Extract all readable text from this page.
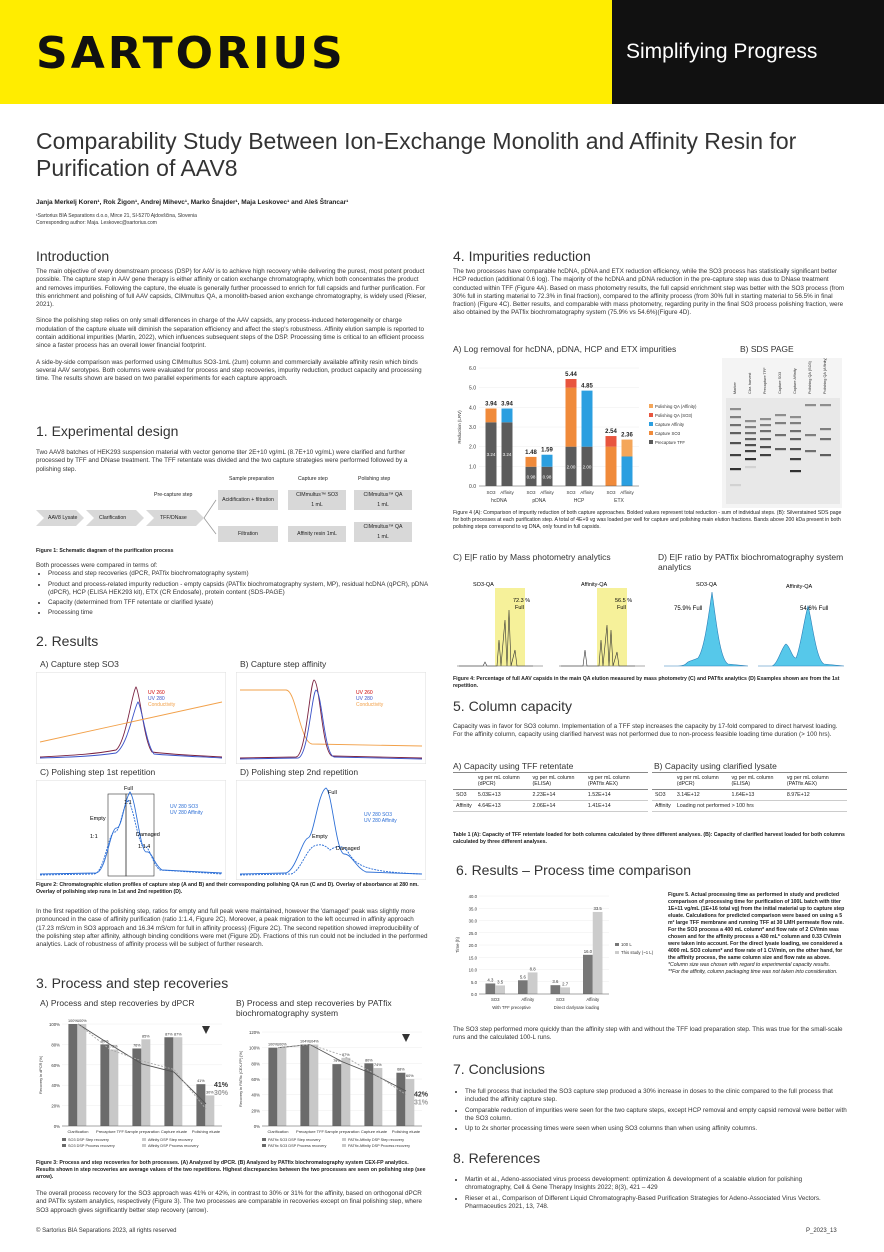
SARTORIUS	Simplifying Progress
Comparability Study Between Ion-Exchange Monolith and Affinity Resin for Purification of AAV8
Janja Merkelj Koren¹, Rok Žigon¹, Andrej Mihevc¹, Marko Šnajder¹, Maja Leskovec¹ and Aleš Štrancar¹
¹Sartorius BIA Separations d.o.o, Mirce 21, SI-5270 Ajdovščina, Slovenia
Corresponding author: Maja. Leskovec@sartorius.com
Introduction
The main objective of every downstream process (DSP) for AAV is to achieve high recovery while delivering the purest, most potent product possible. The capture step in AAV gene therapy is either affinity or cation exchange chromatography, which both concentrates the product and removes impurities. Following the capture, the eluate is generally further processed to enrich for full capsids and further purification. For this enrichment and polishing of full AAV capsids, CIMmultus QA, a monolith-based anion exchange chromatography, is widely used (Rieser, 2021).
Since the polishing step relies on only small differences in charge of the AAV capsids, any process-induced heterogeneity or charge modulation of the capture eluate will diminish the separation efficiency and affect the step's robustness. Affinity elution sample is reported to contain additional impurities (Martin, 2022), which influences subsequent steps of the DSP. Processing time is critical to an efficient process since a faster process has an overall lower financial footprint.
A side-by-side comparison was performed using CIMmultus SO3-1mL (2um) column and commercially available affinity resin which binds several AAV serotypes. Both columns were evaluated for process and step recoveries, impurity reduction, product capacity and processing time. The results shown are based on two parallel experiments for each capture approach.
1. Experimental design
Two AAV8 batches of HEK293 suspension material with vector genome titer 2E+10 vg/mL (8.7E+10 vg/mL) were clarified and further processed by TFF and DNase treatment. The TFF retentate was divided and the two capture strategies were performed followed by a polishing step.
Sample preparation	Capture step	Polishing step
Pre-capture step
AAV8 Lysate	Clarification	TFF/DNase
Acidification + filtration
CIMmultus™ SO3
1 mL
CIMmultus™ QA
1 mL
Filtration	Affinity resin 1mL
CIMmultus™ QA
1 mL
Figure 1: Schematic diagram of the purification process
Both processes were compared in terms of:
• Process and step recoveries (dPCR, PATfix biochromatography system)
• Product and process-related impurity reduction - empty capsids (PATfix biochromatography system, MP), residual hcDNA (qPCR), pDNA (dPCR), HCP (ELISA HEK293 kit), ETX (CR Endosafe), protein content (SDS-PAGE)
• Capacity (determined from TFF retentate or clarified lysate)
• Processing time
2. Results
A) Capture step SO3	B) Capture step affinity
UV 260
UV 280
Conductivity
UV 260
UV 280
Conductivity
C) Polishing step 1st repetition	D) Polishing step 2nd repetition
Empty
Full
1:1
Damaged
1:1
1:1.4
UV 280 SO3
UV 280 Affinity
Full
Empty
Damaged
UV 280 SO3
UV 280 Affinity
Figure 2: Chromatographic elution profiles of capture step (A and B) and their corresponding polishing QA run (C and D). Overlay of absorbance at 280 nm. Overlay of polishing step runs in 1st and 2nd repetition (D).
In the first repetition of the polishing step, ratios for empty and full peak were maintained, however the 'damaged' peak was slightly more pronounced in the case of affinity purification (ratio 1:1.4, Figure 2C). Moreover, a peak migration to the left occurred in affinity approach (17.23 mS/cm in SO3 approach and 16.34 mS/cm for full in affinity process) (Figure 2C). The second repetition showed irreproducibility of the polishing step after affinity, although binding conditions were met (Figure 2D). Fractions of this run could not be included in the performed analytics. Lack of robustness of affinity process will be subject of further research.
3. Process and step recoveries
A) Process and step recoveries by dPCR	B) Process and step recoveries by PATfix biochromatography system
0%
20%
40%
60%
80%
100%
Recovery in dPCR [%]
100% 100%
Clarification
80%
75%
Precapture TFF
76%
85%
Sample preparation
87% 87%
Capture eluate
41%
30%
Polishing eluate
41%
30%
SO3 DSP Step recovery	Affinity DSP Step recovery
SO3 DSP Process recovery	Affinity DSP Process recovery
0%
20%
40%
60%
80%
100%
120%
Recovery in PATfix (CEX-FP) [%]
100% 100%
Clarification
104% 104%
Precapture TFF
79%
87%
Sample preparation
80%
74%
Capture eluate
68%
60%
Polishing eluate
42%
31%
PATfix SO3 DSP Step recovery	PATfix Affinity DSP Step recovery
PATfix SO3 DSP Process recovery	PATfix Affinity DSP Process recovery
Figure 3: Process and step recoveries for both processes. (A) Analyzed by dPCR. (B) Analyzed by PATfix biochromatography system CEX-FP analytics. Results shown in step recoveries are average values of the two repetitions. Highest discrepancies between the two processes are seen on polishing step (see arrow).
The overall process recovery for the SO3 approach was 41% or 42%, in contrast to 30% or 31% for the affinity, based on orthogonal dPCR and PATfix system analytics, respectively (Figure 3). The two processes are comparable in recoveries except on final polishing step, where SO3 approach gives significantly better step recovery (arrow).
4. Impurities reduction
The two processes have comparable hcDNA, pDNA and ETX reduction efficiency, while the SO3 process has statistically significant better HCP reduction (additional 0.6 log). The majority of the hcDNA and pDNA reduction in the pre-capture step was due to DNase treatment conducted within TFF (Figure 4A). Based on mass photometry results, the full capsid enrichment step was better with the SO3 process (from 30% full in starting material to 72.3% in final fraction), compared to the affinity process (from 30% full in starting material to 56.5% in final fraction) (Figure 4C). Better results, and comparable with mass photometry, regarding purity in the final SO3 process polishing fraction, were also obtained by the PATfix biochromatography system (75.9% vs 54.6%)(Figure 4D).
A) Log removal for hcDNA, pDNA, HCP and ETX impurities	B) SDS PAGE
0.0
1.0
2.0
3.0
4.0
5.0
6.0
Reduction (LRV)
3.24
3.94
SO3
3.24
3.94
Affinity
0.98
1.48
SO3
0.98
1.59
Affinity
2.00
5.44
SO3
2.00
4.85
Affinity
2.54
SO3
2.36
Affinity
hcDNA	pDNA	HCP	ETX
Polishing QA (Affinity)
Polishing QA (SO3)
Capture Affinity
Capture SO3
Precapture TFF
Marker	Clar. harvest	Precapture TFF	Capture SO3	Capture Affinity	Polishing QA (SO3)	Polishing QA (Affinity)
Figure 4 (A): Comparison of impurity reduction of both capture approaches. Bolded values represent total reduction - sum of individual steps. (B): Silverstained SDS page for both processes at each purification step. A total of 4E+9 vg was loaded per well for capture and polishing main elution fractions. Bands above 200 kDa present in both polishing steps correspond to vg DNA, only found in full capsids.
C) E|F ratio by Mass photometry analytics	D) E|F ratio by PATfix biochromatography system analytics
SO3-QA	Affinity-QA
72.3 %
Full
56.5 %
Full
SO3-QA	Affinity-QA
75.9% Full	54.6% Full
Figure 4: Percentage of full AAV capsids in the main QA elution measured by mass photometry (C) and PATfix analytics (D) Examples shown are from the 1st repetition.
5. Column capacity
Capacity was in favor for SO3 column. Implementation of a TFF step increases the capacity by 17-fold compared to direct harvest loading. For the affinity column, capacity using clarified harvest was not performed due to non-process feasible loading time duration (> 100 hrs).
A) Capacity using TFF retentate	B) Capacity using clarified lysate
	vg per mL column (dPCR)	vg per mL column (ELISA)	vg per mL column (PATfix AEX)
SO3	5.03E+13	2.23E+14	1.52E+14
Affinity	4.64E+13	2.06E+14	1.41E+14
	vg per mL column (dPCR)	vg per mL column (ELISA)	vg per mL column (PATfix AEX)
SO3	3.14E+12	1.64E+13	8.97E+12
Affinity	Loading not performed > 100 hrs		
Table 1 (A): Capacity of TFF retentate loaded for both columns calculated by three different analyses. (B): Capacity of clarified harvest loaded for both columns calculated by three different analyses.
6. Results – Process time comparison
0.0
5.0
10.0
15.0
20.0
25.0
30.0
35.0
40.0
Time (h)
4.3 3.5
SO3
5.6
8.8
Affinity
3.6 2.7
SO3
16.0
33.5
Affinity
With TFF preceptive	Direct clarlysate loading
100 L
This study (~1 L)
Figure 5. Actual processing time as performed in study and predicted comparison of processing time for purification of 100L batch with titer 1E+11 vg/mL (1E+16 total vg) from the initial material up to capture step eluate. Calculations for predicted comparison were based on using a 5 m² large TFF membrane and running TFF at 30 LMH permeate flow rate. For the SO3 process a 400 mL column* and flow rate of 2 CV/min was chosen and for the affinity process a 430 mL* column and 0.33 CV/min were taken into account. For the direct lysate loading, we considered a 4000 mL SO3 column* and flow rate of 1 CV/min, on the other hand, for the affinity process, the same column size and flow rate as above.
*Column size was chosen with regard to experimental capacity results.
**For the affinity, column packaging time was not taken into consideration.
The SO3 step performed more quickly than the affinity step with and without the TFF load preparation step. This was true for the small-scale runs and the calculated 100-L runs.
7. Conclusions
• The full process that included the SO3 capture step produced a 30% increase in doses to the clinic compared to the full process that included the affinity capture step.
• Comparable reduction of impurities were seen for the two capture steps, except HCP removal and empty capsid removal were better with the SO3 column.
• Up to 2x shorter processing times were seen when using SO3 columns than when using affinity columns.
8. References
• Martin et al., Adeno-associated virus process development: optimization & development of a scalable elution for polishing chromatography, Cell & Gene Therapy Insights 2022; 8(3), 421 – 429
• Rieser et al., Comparison of Different Liquid Chromatography-Based Purification Strategies for Adeno-Associated Virus Vectors. Pharmaceutics 2021, 13, 748.
© Sartorius BIA Separations 2023, all rights reserved	P_2023_13
